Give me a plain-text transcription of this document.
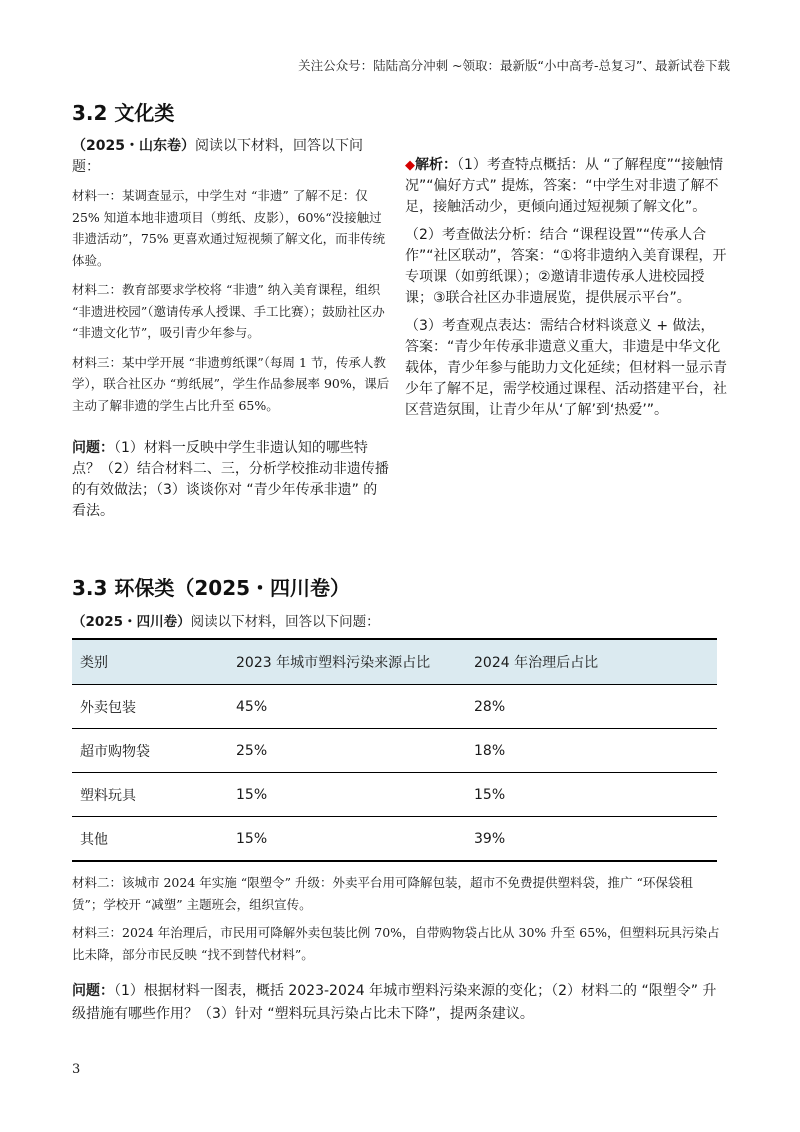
关注公众号：陆陆高分冲刺 ~领取：最新版“小中高考-总复习”、最新试卷下载
3.2 文化类

（2025・山东卷）阅读以下材料，回答以下问题：

材料一：某调查显示，中学生对 “非遗” 了解不足：仅 25% 知道本地非遗项目（剪纸、皮影），60%“没接触过非遗活动”，75% 更喜欢通过短视频了解文化，而非传统体验。

材料二：教育部要求学校将 “非遗” 纳入美育课程，组织 “非遗进校园”（邀请传承人授课、手工比赛）；鼓励社区办 “非遗文化节”，吸引青少年参与。

材料三：某中学开展 “非遗剪纸课”（每周 1 节，传承人教学），联合社区办 “剪纸展”，学生作品参展率 90%，课后主动了解非遗的学生占比升至 65%。

问题：（1）材料一反映中学生非遗认知的哪些特点？（2）结合材料二、三，分析学校推动非遗传播的有效做法；（3）谈谈你对 “青少年传承非遗” 的看法。

◆解析：（1）考查特点概括：从 “了解程度”“接触情况”“偏好方式” 提炼，答案：“中学生对非遗了解不足，接触活动少，更倾向通过短视频了解文化”。

（2）考查做法分析：结合 “课程设置”“传承人合作”“社区联动”，答案：“①将非遗纳入美育课程，开专项课（如剪纸课）；②邀请非遗传承人进校园授课；③联合社区办非遗展览，提供展示平台”。

（3）考查观点表达：需结合材料谈意义 + 做法，答案：“青少年传承非遗意义重大，非遗是中华文化载体，青少年参与能助力文化延续；但材料一显示青少年了解不足，需学校通过课程、活动搭建平台，社区营造氛围，让青少年从‘了解’到‘热爱’”。

3.3 环保类（2025・四川卷）
（2025・四川卷）阅读以下材料，回答以下问题：
类别	2023 年城市塑料污染来源占比	2024 年治理后占比
外卖包装	45%	28%
超市购物袋	25%	18%
塑料玩具	15%	15%
其他	15%	39%

材料二：该城市 2024 年实施 “限塑令” 升级：外卖平台用可降解包装，超市不免费提供塑料袋，推广 “环保袋租赁”；学校开 “减塑” 主题班会，组织宣传。

材料三：2024 年治理后，市民用可降解外卖包装比例 70%，自带购物袋占比从 30% 升至 65%，但塑料玩具污染占比未降，部分市民反映 “找不到替代材料”。

问题：（1）根据材料一图表，概括 2023-2024 年城市塑料污染来源的变化；（2）材料二的 “限塑令” 升级措施有哪些作用？（3）针对 “塑料玩具污染占比未下降”，提两条建议。

3
